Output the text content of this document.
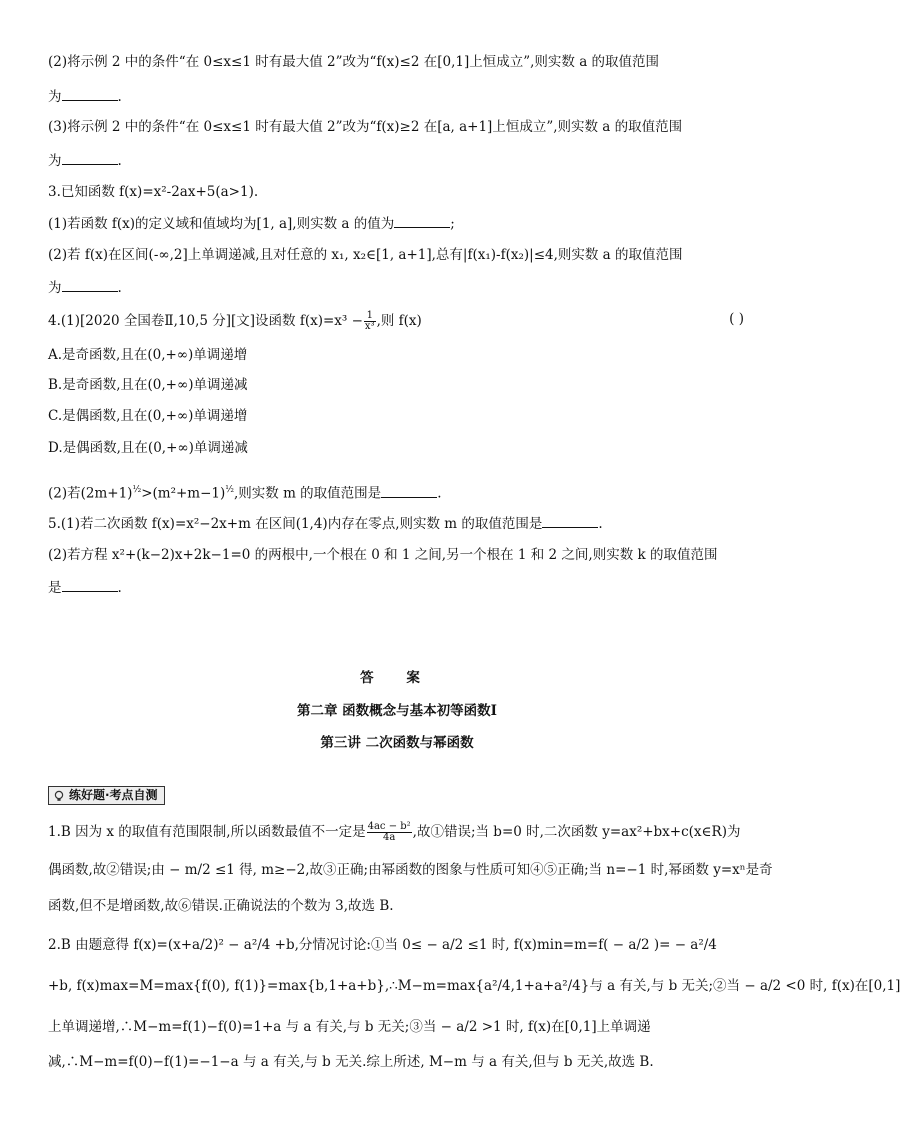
(2)将示例 2 中的条件“在 0≤x≤1 时有最大值 2”改为“f(x)≤2 在[0,1]上恒成立”,则实数 a 的取值范围
为	.
(3)将示例 2 中的条件“在 0≤x≤1 时有最大值 2”改为“f(x)≥2 在[a, a+1]上恒成立”,则实数 a 的取值范围
为	.
3.已知函数 f(x)=x²-2ax+5(a>1).
(1)若函数 f(x)的定义域和值域均为[1, a],则实数 a 的值为	;
(2)若 f(x)在区间(-∞,2]上单调递减,且对任意的 x₁, x₂∈[1, a+1],总有|f(x₁)-f(x₂)|≤4,则实数 a 的取值范围
为	.
4.(1)[2020 全国卷Ⅱ,10,5 分][文]设函数 $f(x)=x^3 - \frac{1}{\text{x³}}$ ,则 f(x)	( )
A.是奇函数,且在(0,+∞)单调递增
B.是奇函数,且在(0,+∞)单调递减
C.是偶函数,且在(0,+∞)单调递增
D.是偶函数,且在(0,+∞)单调递减
(2)若$(2m+1)^{\frac{1}{2}}>(m^2+m-1)^{\frac{1}{2}}$,则实数 m 的取值范围是	.
5.(1)若二次函数 f(x)=x²−2x+m 在区间(1,4)内存在零点,则实数 m 的取值范围是	.
(2)若方程 x²+(k−2)x+2k−1=0 的两根中,一个根在 0 和 1 之间,另一个根在 1 和 2 之间,则实数 k 的取值范围
是	.
答 案
第二章 函数概念与基本初等函数Ⅰ
第三讲 二次函数与幂函数
练好题·考点自测
1.B 因为 x 的取值有范围限制,所以函数最值不一定是 $\frac{\text{4ac − b²}}{4a}$ ,故①错误;当 b=0 时,二次函数 y=ax²+bx+c(x∈R)为
偶函数,故②错误;由 − m/2 ≤1 得, m≥−2,故③正确;由幂函数的图象与性质可知④⑤正确;当 n=−1 时,幂函数 y=xⁿ是奇
函数,但不是增函数,故⑥错误.正确说法的个数为 3,故选 B.
2.B 由题意得 f(x)=(x+a/2)² − a²/4 +b,分情况讨论:①当 0≤ − a/2 ≤1 时, f(x)min=m=f( − a/2 )= − a²/4
+b, f(x)max=M=max{f(0), f(1)}=max{b,1+a+b},∴M−m=max{a²/4,1+a+a²/4}与 a 有关,与 b 无关;②当 − a/2 <0 时, f(x)在[0,1]
上单调递增,∴M−m=f(1)−f(0)=1+a 与 a 有关,与 b 无关;③当 − a/2 >1 时, f(x)在[0,1]上单调递
减,∴M−m=f(0)−f(1)=−1−a 与 a 有关,与 b 无关.综上所述, M−m 与 a 有关,但与 b 无关,故选 B.
